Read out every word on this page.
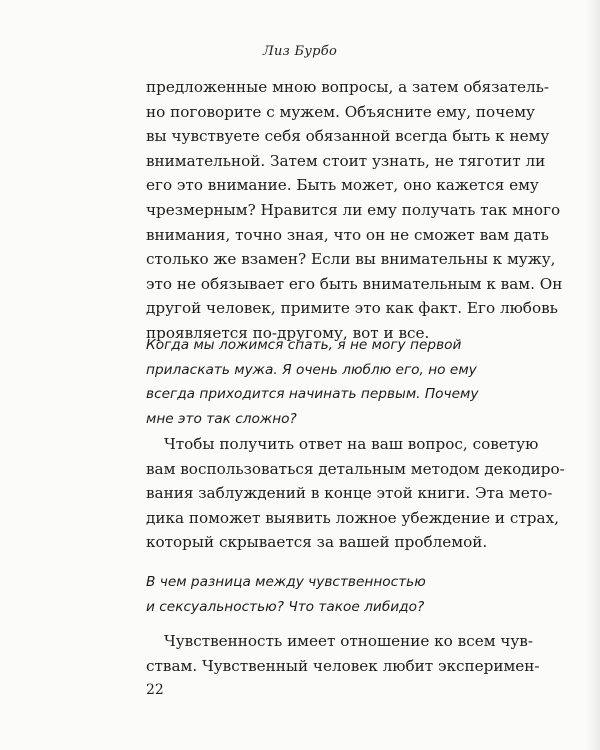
Лиз Бурбо
предложенные мною вопросы, а затем обязатель-
но поговорите с мужем. Объясните ему, почему
вы чувствуете себя обязанной всегда быть к нему
внимательной. Затем стоит узнать, не тяготит ли
его это внимание. Быть может, оно кажется ему
чрезмерным? Нравится ли ему получать так много
внимания, точно зная, что он не сможет вам дать
столько же взамен? Если вы внимательны к мужу,
это не обязывает его быть внимательным к вам. Он
другой человек, примите это как факт. Его любовь
проявляется по-другому, вот и все.
Когда мы ложимся спать, я не могу первой
приласкать мужа. Я очень люблю его, но ему
всегда приходится начинать первым. Почему
мне это так сложно?
Чтобы получить ответ на ваш вопрос, советую
вам воспользоваться детальным методом декодиро-
вания заблуждений в конце этой книги. Эта мето-
дика поможет выявить ложное убеждение и страх,
который скрывается за вашей проблемой.
В чем разница между чувственностью
и сексуальностью? Что такое либидо?
Чувственность имеет отношение ко всем чув-
ствам. Чувственный человек любит эксперимен-
22
